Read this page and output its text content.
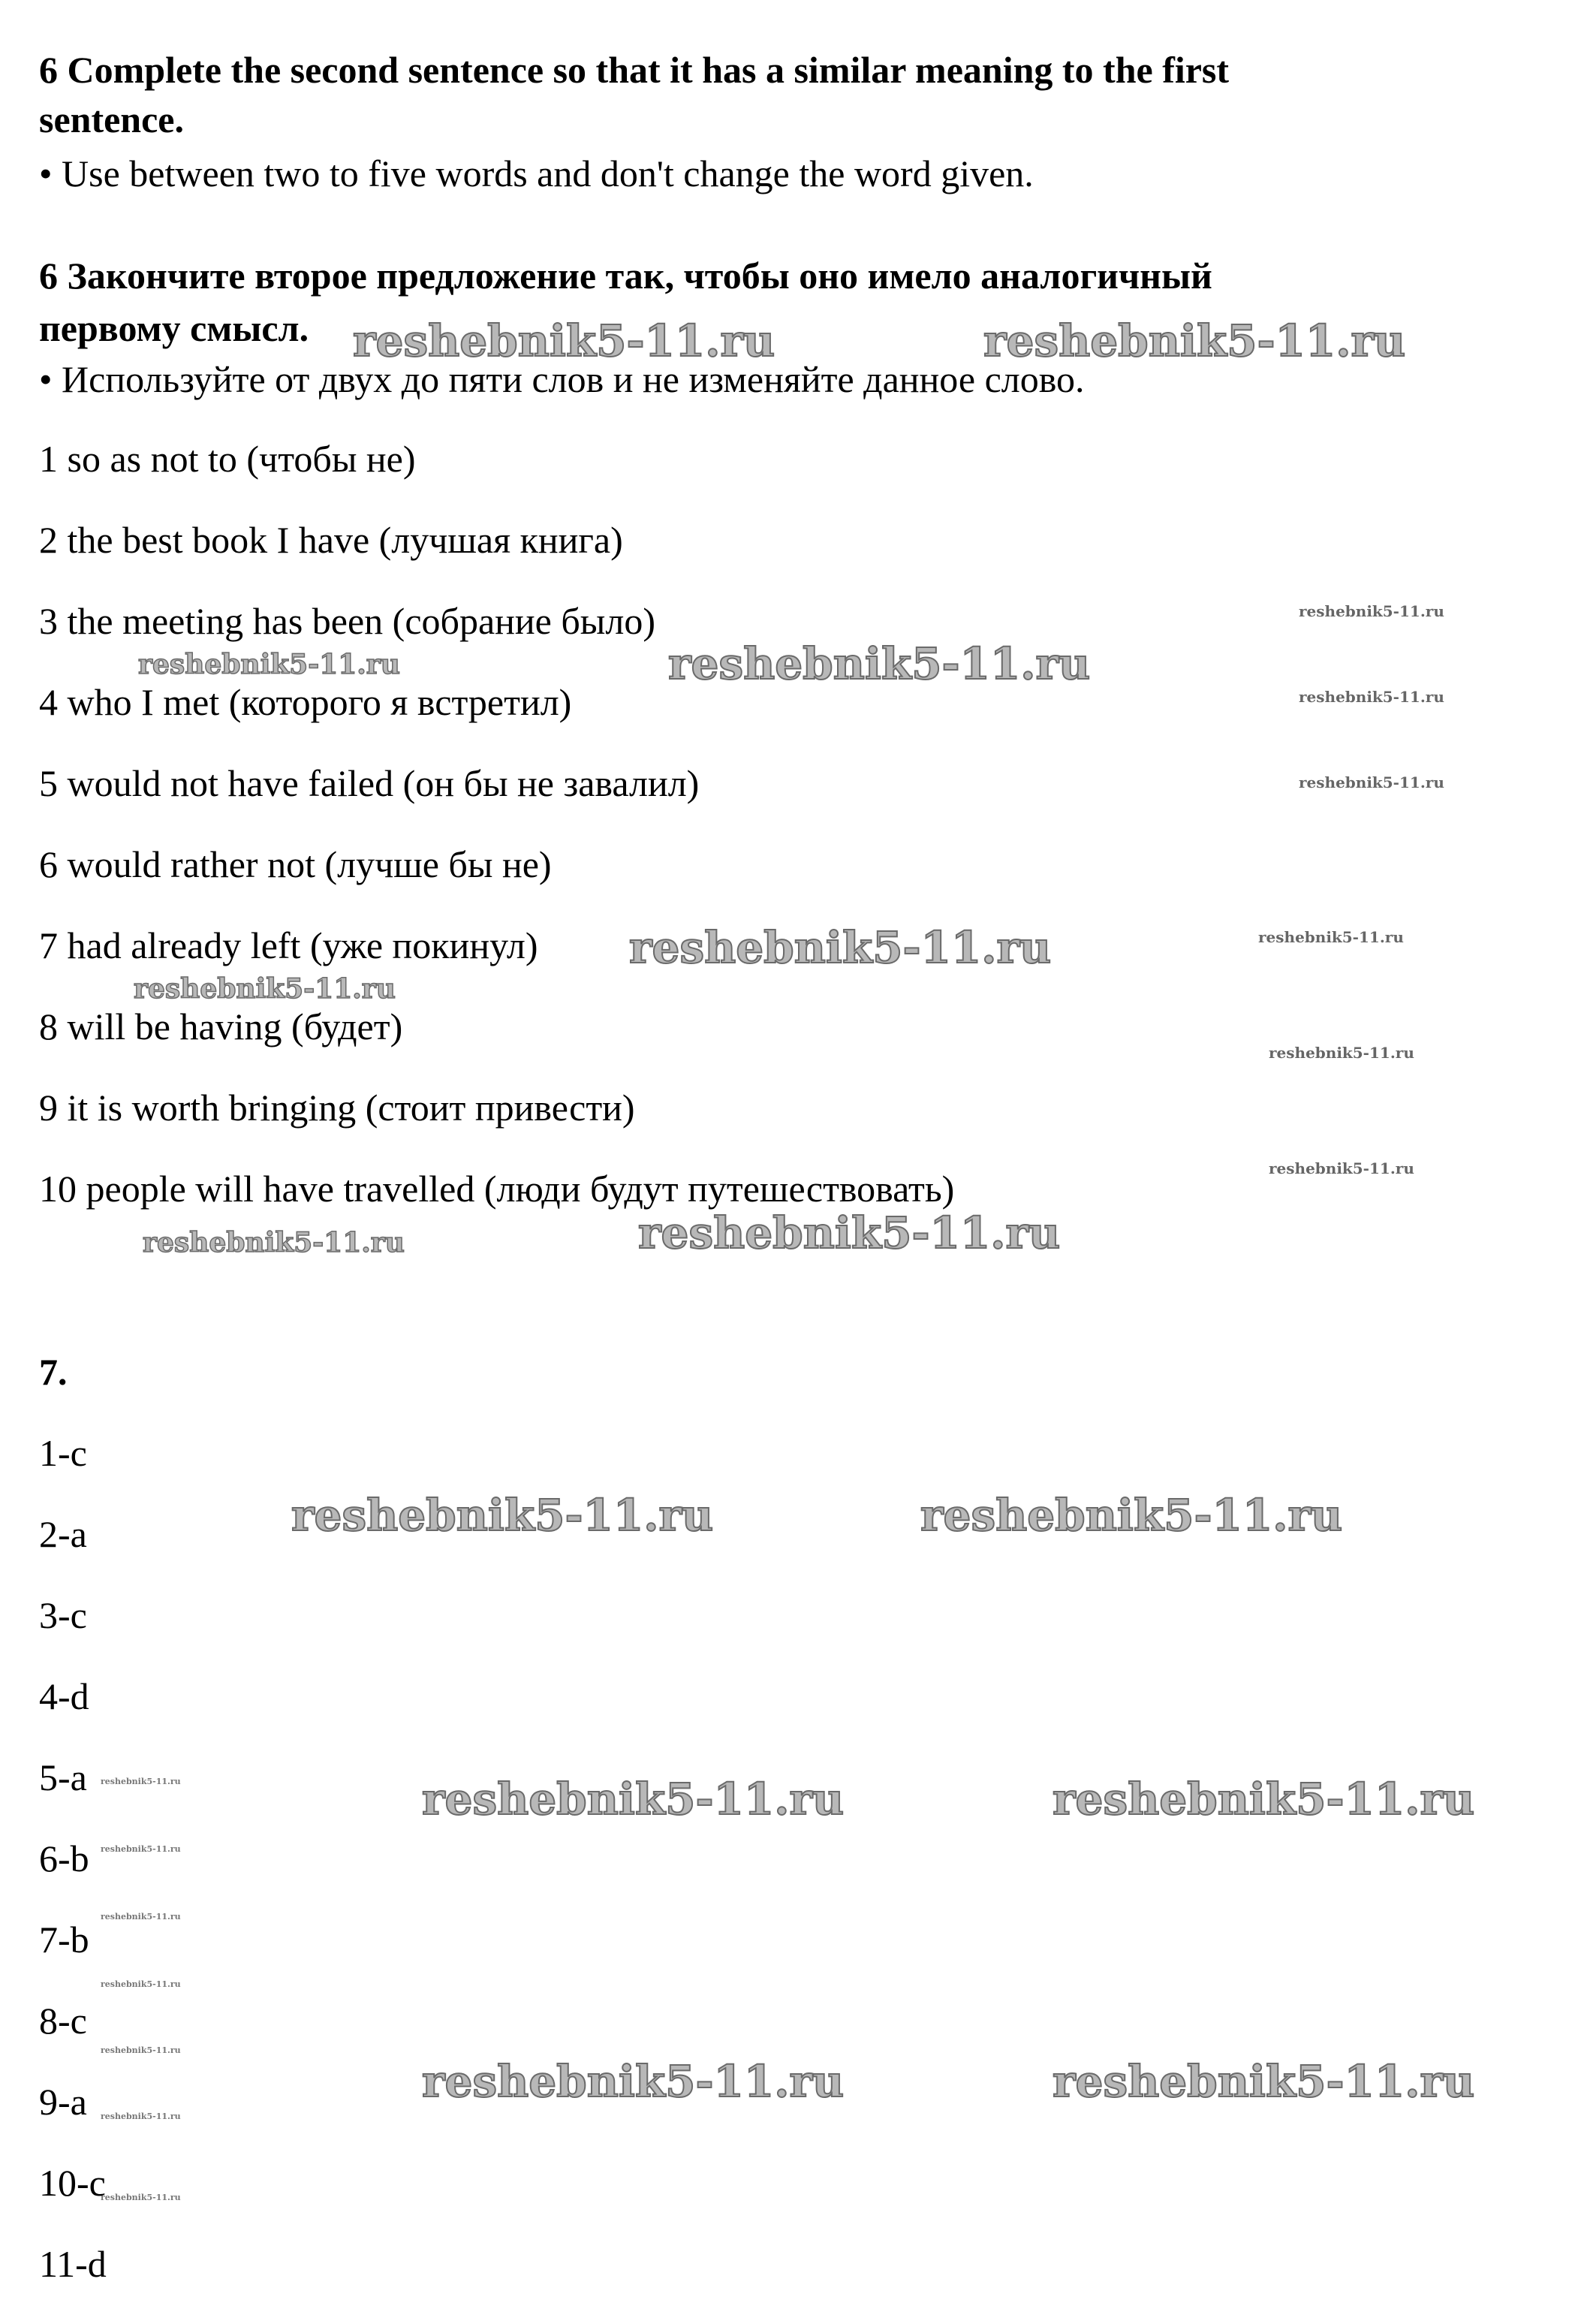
6 Complete the second sentence so that it has a similar meaning to the first
sentence.
• Use between two to five words and don't change the word given.
6 Закончите второе предложение так, чтобы оно имело аналогичный
первому смысл.
• Используйте от двух до пяти слов и не изменяйте данное слово.
1 so as not to (чтобы не)
2 the best book I have (лучшая книга)
3 the meeting has been (собрание было)
4 who I met (которого я встретил)
5 would not have failed (он бы не завалил)
6 would rather not (лучше бы не)
7 had already left (уже покинул)
8 will be having (будет)
9 it is worth bringing (стоит привести)
10 people will have travelled (люди будут путешествовать)
7.
1-c
2-a
3-c
4-d
5-a
6-b
7-b
8-c
9-a
10-c
11-d
reshebnik5-11.ru	reshebnik5-11.ru
reshebnik5-11.ru
reshebnik5-11.ru
reshebnik5-11.ru
reshebnik5-11.ru	reshebnik5-11.ru
reshebnik5-11.ru	reshebnik5-11.ru
reshebnik5-11.ru	reshebnik5-11.ru
reshebnik5-11.ru
reshebnik5-11.ru
reshebnik5-11.ru
reshebnik5-11.ru
reshebnik5-11.ru
reshebnik5-11.ru
reshebnik5-11.ru
reshebnik5-11.ru
reshebnik5-11.ru
reshebnik5-11.ru
reshebnik5-11.ru
reshebnik5-11.ru
reshebnik5-11.ru
reshebnik5-11.ru
reshebnik5-11.ru
reshebnik5-11.ru
